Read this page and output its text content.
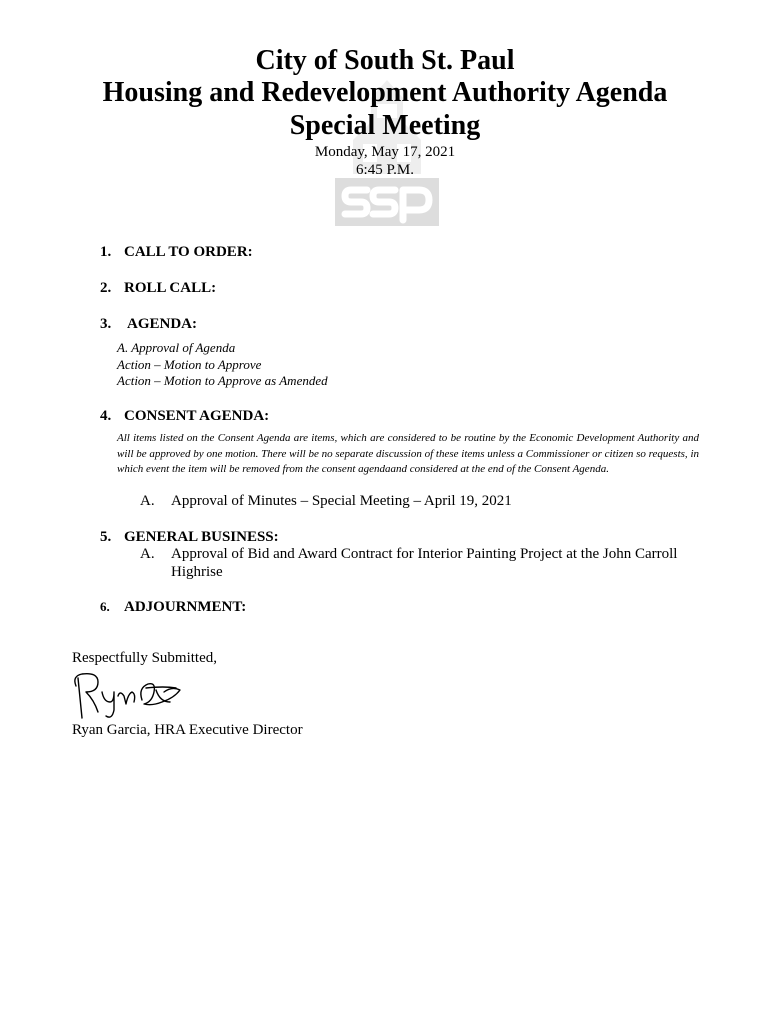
City of South St. Paul
Housing and Redevelopment Authority Agenda
Special Meeting
Monday, May 17, 2021
6:45 P.M.
1. CALL TO ORDER:
2. ROLL CALL:
3. AGENDA:
A. Approval of Agenda
Action – Motion to Approve
Action – Motion to Approve as Amended
4. CONSENT AGENDA:
All items listed on the Consent Agenda are items, which are considered to be routine by the Economic Development Authority and will be approved by one motion. There will be no separate discussion of these items unless a Commissioner or citizen so requests, in which event the item will be removed from the consent agendaand considered at the end of the Consent Agenda.
A. Approval of Minutes – Special Meeting – April 19, 2021
5. GENERAL BUSINESS:
A. Approval of Bid and Award Contract for Interior Painting Project at the John Carroll
Highrise
6. ADJOURNMENT:
Respectfully Submitted,
Ryan Garcia, HRA Executive Director
